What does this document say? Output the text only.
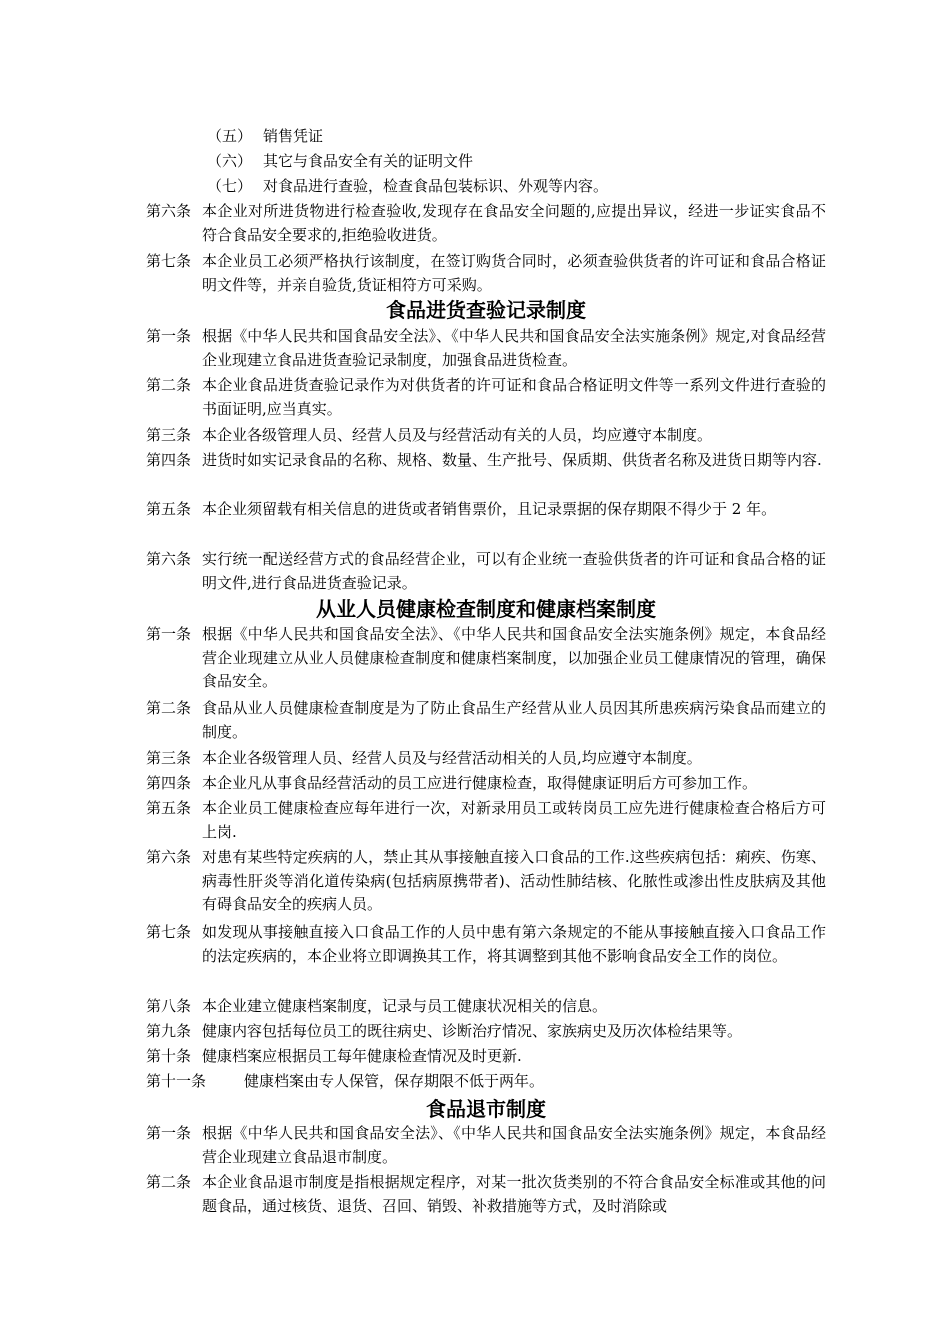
（五） 销售凭证
（六） 其它与食品安全有关的证明文件
（七） 对食品进行查验，检查食品包装标识、外观等内容。
第六条 本企业对所进货物进行检查验收,发现存在食品安全问题的,应提出异议，经进一步证实食品不符合食品安全要求的,拒绝验收进货。
第七条 本企业员工必须严格执行该制度，在签订购货合同时，必须查验供货者的许可证和食品合格证明文件等，并亲自验货,货证相符方可采购。
食品进货查验记录制度
第一条 根据《中华人民共和国食品安全法》、《中华人民共和国食品安全法实施条例》规定,对食品经营企业现建立食品进货查验记录制度，加强食品进货检查。
第二条 本企业食品进货查验记录作为对供货者的许可证和食品合格证明文件等一系列文件进行查验的书面证明,应当真实。
第三条 本企业各级管理人员、经营人员及与经营活动有关的人员，均应遵守本制度。
第四条 进货时如实记录食品的名称、规格、数量、生产批号、保质期、供货者名称及进货日期等内容.
第五条 本企业须留载有相关信息的进货或者销售票价，且记录票据的保存期限不得少于 2 年。
第六条 实行统一配送经营方式的食品经营企业，可以有企业统一查验供货者的许可证和食品合格的证明文件,进行食品进货查验记录。
从业人员健康检查制度和健康档案制度
第一条 根据《中华人民共和国食品安全法》、《中华人民共和国食品安全法实施条例》规定，本食品经营企业现建立从业人员健康检查制度和健康档案制度，以加强企业员工健康情况的管理，确保食品安全。
第二条 食品从业人员健康检查制度是为了防止食品生产经营从业人员因其所患疾病污染食品而建立的制度。
第三条 本企业各级管理人员、经营人员及与经营活动相关的人员,均应遵守本制度。
第四条 本企业凡从事食品经营活动的员工应进行健康检查，取得健康证明后方可参加工作。
第五条 本企业员工健康检查应每年进行一次，对新录用员工或转岗员工应先进行健康检查合格后方可上岗.
第六条 对患有某些特定疾病的人，禁止其从事接触直接入口食品的工作.这些疾病包括：痢疾、伤寒、病毒性肝炎等消化道传染病(包括病原携带者)、活动性肺结核、化脓性或渗出性皮肤病及其他有碍食品安全的疾病人员。
第七条 如发现从事接触直接入口食品工作的人员中患有第六条规定的不能从事接触直接入口食品工作的法定疾病的，本企业将立即调换其工作，将其调整到其他不影响食品安全工作的岗位。
第八条 本企业建立健康档案制度，记录与员工健康状况相关的信息。
第九条 健康内容包括每位员工的既往病史、诊断治疗情况、家族病史及历次体检结果等。
第十条 健康档案应根据员工每年健康检查情况及时更新.
第十一条	健康档案由专人保管，保存期限不低于两年。
食品退市制度
第一条 根据《中华人民共和国食品安全法》、《中华人民共和国食品安全法实施条例》规定，本食品经营企业现建立食品退市制度。
第二条 本企业食品退市制度是指根据规定程序，对某一批次货类别的不符合食品安全标准或其他的问题食品，通过核货、退货、召回、销毁、补救措施等方式，及时消除或
